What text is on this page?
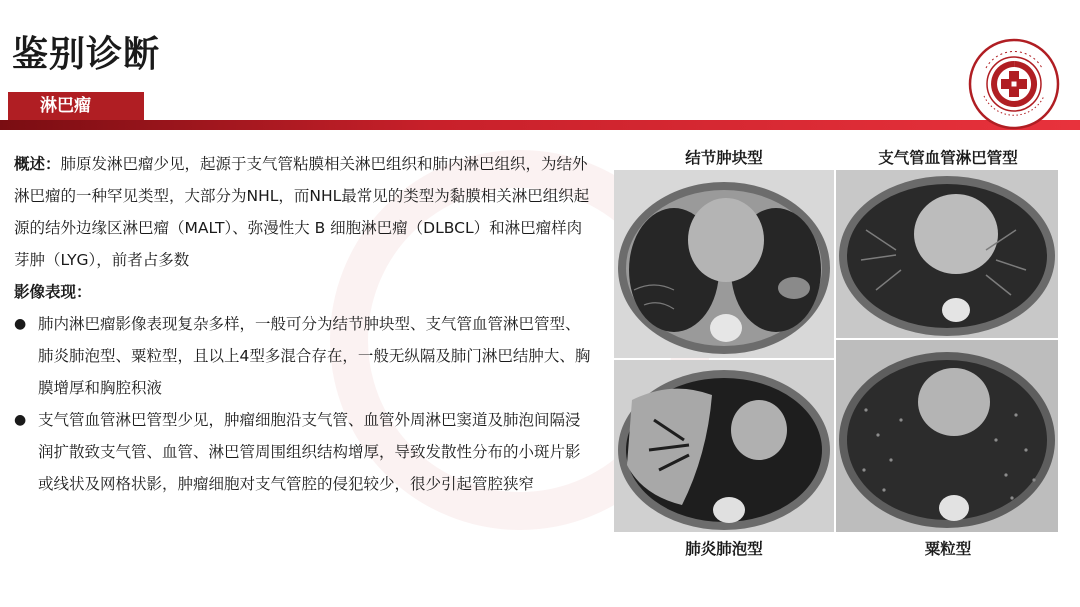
鉴别诊断
淋巴瘤

概述：肺原发淋巴瘤少见，起源于支气管粘膜相关淋巴组织和肺内淋巴组织，为结外淋巴瘤的一种罕见类型，大部分为NHL，而NHL最常见的类型为黏膜相关淋巴组织起源的结外边缘区淋巴瘤（MALT）、弥漫性大 B 细胞淋巴瘤（DLBCL）和淋巴瘤样肉芽肿（LYG），前者占多数

影像表现：

● 肺内淋巴瘤影像表现复杂多样，一般可分为结节肿块型、支气管血管淋巴管型、肺炎肺泡型、粟粒型，且以上4型多混合存在，一般无纵隔及肺门淋巴结肿大、胸膜增厚和胸腔积液
● 支气管血管淋巴管型少见，肿瘤细胞沿支气管、血管外周淋巴窦道及肺泡间隔浸润扩散致支气管、血管、淋巴管周围组织结构增厚，导致发散性分布的小斑片影或线状及网格状影，肿瘤细胞对支气管腔的侵犯较少，很少引起管腔狭窄
结节肿块型	支气管血管淋巴管型
肺炎肺泡型	粟粒型
